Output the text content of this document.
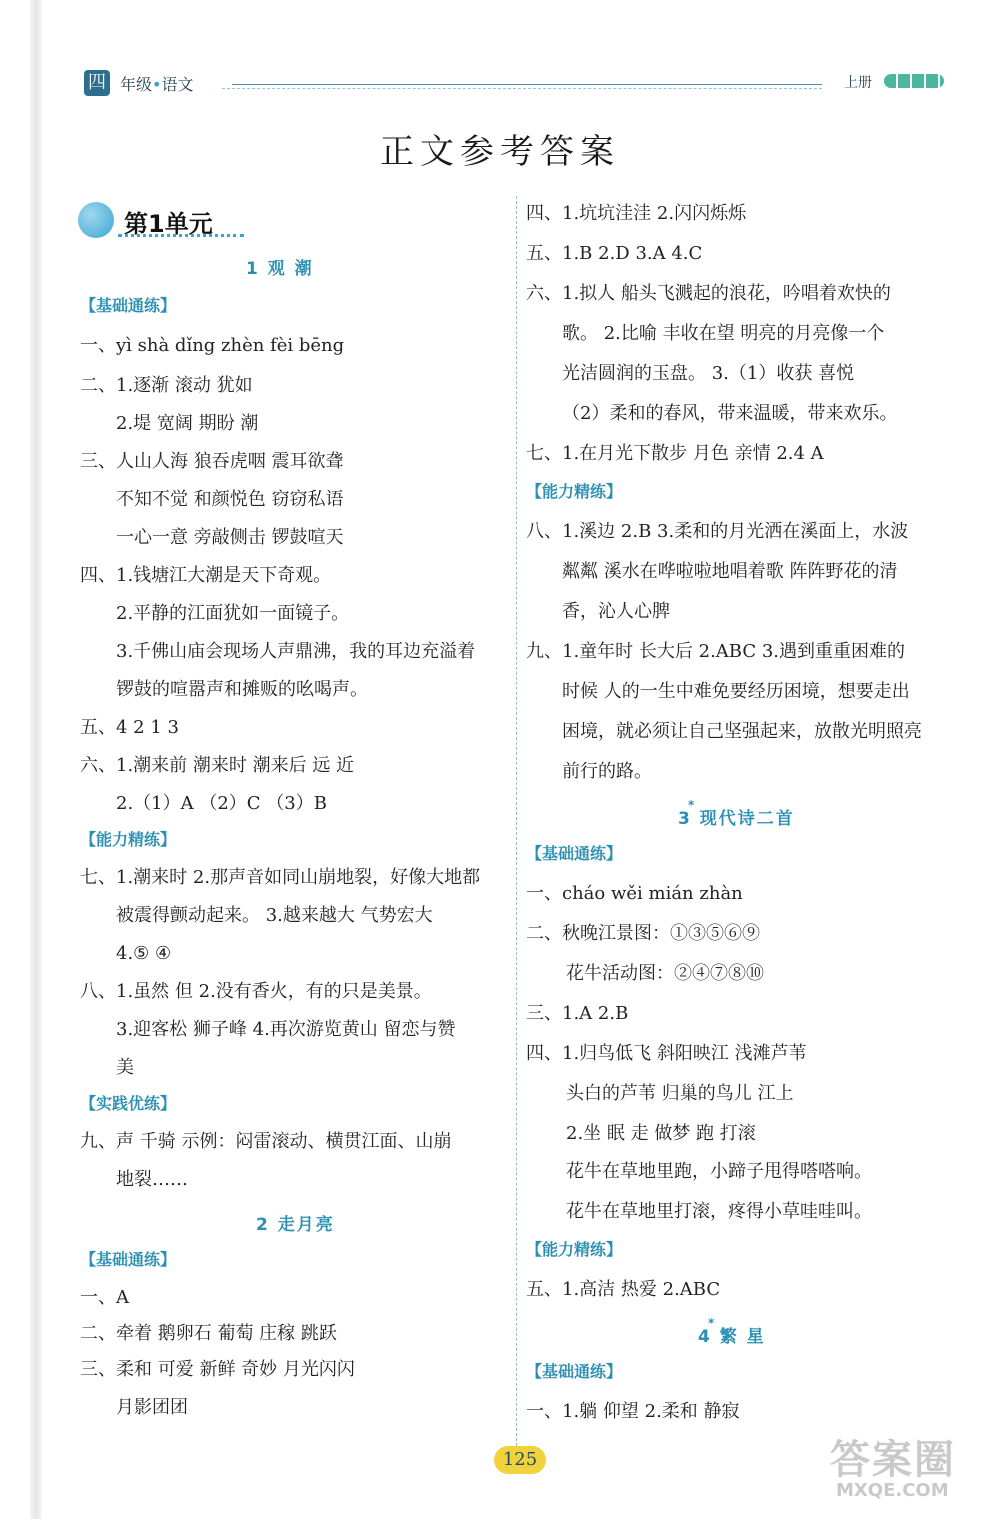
四 年级•语文	上册
正文参考答案
第1单元
1 观 潮
【基础通练】
一、yì shà dǐng zhèn fèi bēng
二、1.逐渐 滚动 犹如
2.堤 宽阔 期盼 潮
三、人山人海 狼吞虎咽 震耳欲聋
不知不觉 和颜悦色 窃窃私语
一心一意 旁敲侧击 锣鼓喧天
四、1.钱塘江大潮是天下奇观。
2.平静的江面犹如一面镜子。
3.千佛山庙会现场人声鼎沸，我的耳边充溢着
锣鼓的喧嚣声和摊贩的吆喝声。
五、4 2 1 3
六、1.潮来前 潮来时 潮来后 远 近
2.（1）A （2）C （3）B
【能力精练】
七、1.潮来时 2.那声音如同山崩地裂，好像大地都
被震得颤动起来。 3.越来越大 气势宏大
4.⑤ ④
八、1.虽然 但 2.没有香火，有的只是美景。
3.迎客松 狮子峰 4.再次游览黄山 留恋与赞
美
【实践优练】
九、声 千骑 示例：闷雷滚动、横贯江面、山崩
地裂……
2 走月亮
【基础通练】
一、A
二、牵着 鹅卵石 葡萄 庄稼 跳跃
三、柔和 可爱 新鲜 奇妙 月光闪闪
月影团团
四、1.坑坑洼洼 2.闪闪烁烁
五、1.B 2.D 3.A 4.C
六、1.拟人 船头飞溅起的浪花，吟唱着欢快的
歌。 2.比喻 丰收在望 明亮的月亮像一个
光洁圆润的玉盘。 3.（1）收获 喜悦
（2）柔和的春风，带来温暖，带来欢乐。
七、1.在月光下散步 月色 亲情 2.4 A
【能力精练】
八、1.溪边 2.B 3.柔和的月光洒在溪面上，水波
粼粼 溪水在哗啦啦地唱着歌 阵阵野花的清
香，沁人心脾
九、1.童年时 长大后 2.ABC 3.遇到重重困难的
时候 人的一生中难免要经历困境，想要走出
困境，就必须让自己坚强起来，放散光明照亮
前行的路。
3 现代诗二首
*
【基础通练】
一、cháo wěi mián zhàn
二、秋晚江景图：①③⑤⑥⑨
花牛活动图：②④⑦⑧⑩
三、1.A 2.B
四、1.归鸟低飞 斜阳映江 浅滩芦苇
头白的芦苇 归巢的鸟儿 江上
2.坐 眠 走 做梦 跑 打滚
花牛在草地里跑，小蹄子甩得嗒嗒响。
花牛在草地里打滚，疼得小草哇哇叫。
【能力精练】
五、1.高洁 热爱 2.ABC
4 繁 星
*
【基础通练】
一、1.躺 仰望 2.柔和 静寂
125	答案圈
MXQE.COM
